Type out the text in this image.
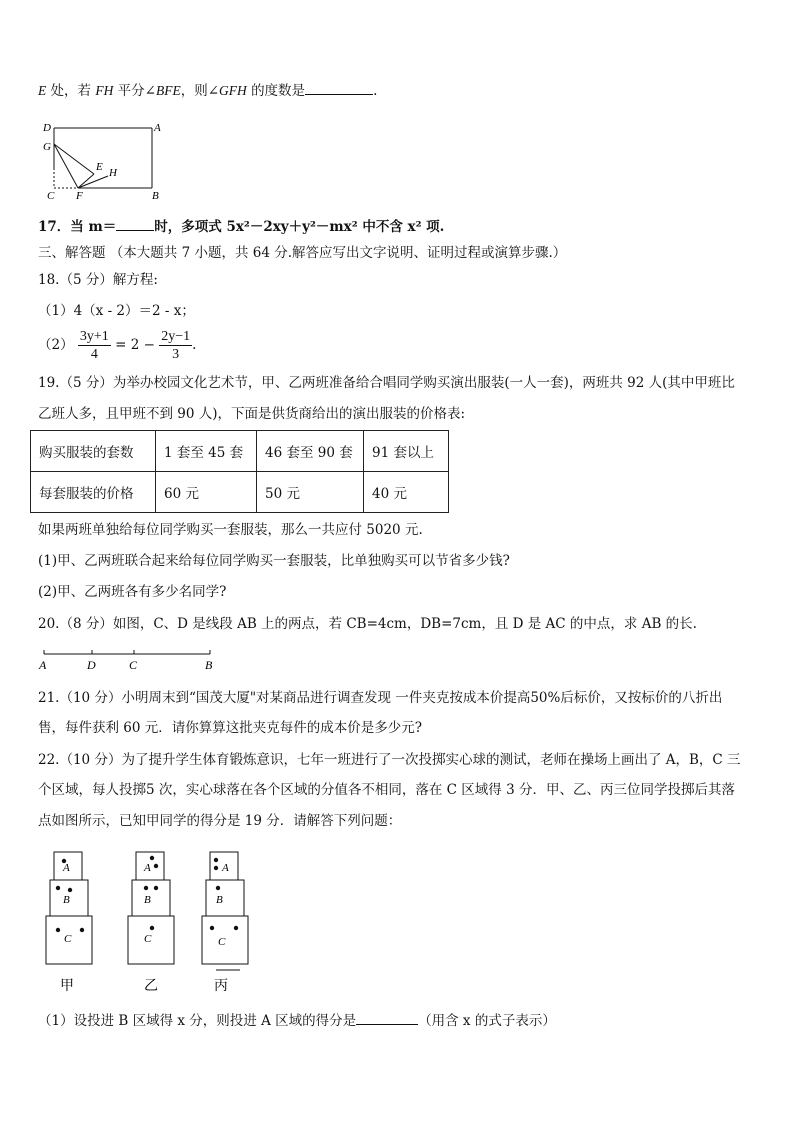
E 处，若 FH 平分∠BFE，则∠GFH 的度数是	.
D	A
G
E H
C F	B
17．当 m＝	时，多项式 5x²－2xy＋y²－mx² 中不含 x² 项.
三、解答题 （本大题共 7 小题，共 64 分.解答应写出文字说明、证明过程或演算步骤.）
18.（5 分）解方程:
（1）4（x - 2）＝2 - x；
$(2) \frac{3y+1}{4} = 2 - \frac{2y-1}{3}$ .
19.（5 分）为举办校园文化艺术节，甲、乙两班准备给合唱同学购买演出服装(一人一套)，两班共 92 人(其中甲班比
乙班人多，且甲班不到 90 人)，下面是供货商给出的演出服装的价格表:
购买服装的套数	1 套至 45 套	46 套至 90 套	91 套以上
每套服装的价格	60 元	50 元	40 元
如果两班单独给每位同学购买一套服装，那么一共应付 5020 元.
(1)甲、乙两班联合起来给每位同学购买一套服装，比单独购买可以节省多少钱?
(2)甲、乙两班各有多少名同学?
20.（8 分）如图，C、D 是线段 AB 上的两点，若 CB=4cm，DB=7cm，且 D 是 AC 的中点，求 AB 的长.
A	D	C	B
21.（10 分）小明周末到“国茂大厦"对某商品进行调查发现 一件夹克按成本价提高50%后标价，又按标价的八折出
售，每件获利 60 元．请你算算这批夹克每件的成本价是多少元?
22.（10 分）为了提升学生体育锻炼意识，七年一班进行了一次投掷实心球的测试，老师在操场上画出了 A，B，C 三
个区域，每人投掷5 次，实心球落在各个区域的分值各不相同，落在 C 区域得 3 分．甲、乙、丙三位同学投掷后其落
点如图所示，已知甲同学的得分是 19 分．请解答下列问题：
A
B
C
A
B
C
A
B
C
甲	乙	丙
（1）设投进 B 区域得 x 分，则投进 A 区域的得分是	（用含 x 的式子表示）
